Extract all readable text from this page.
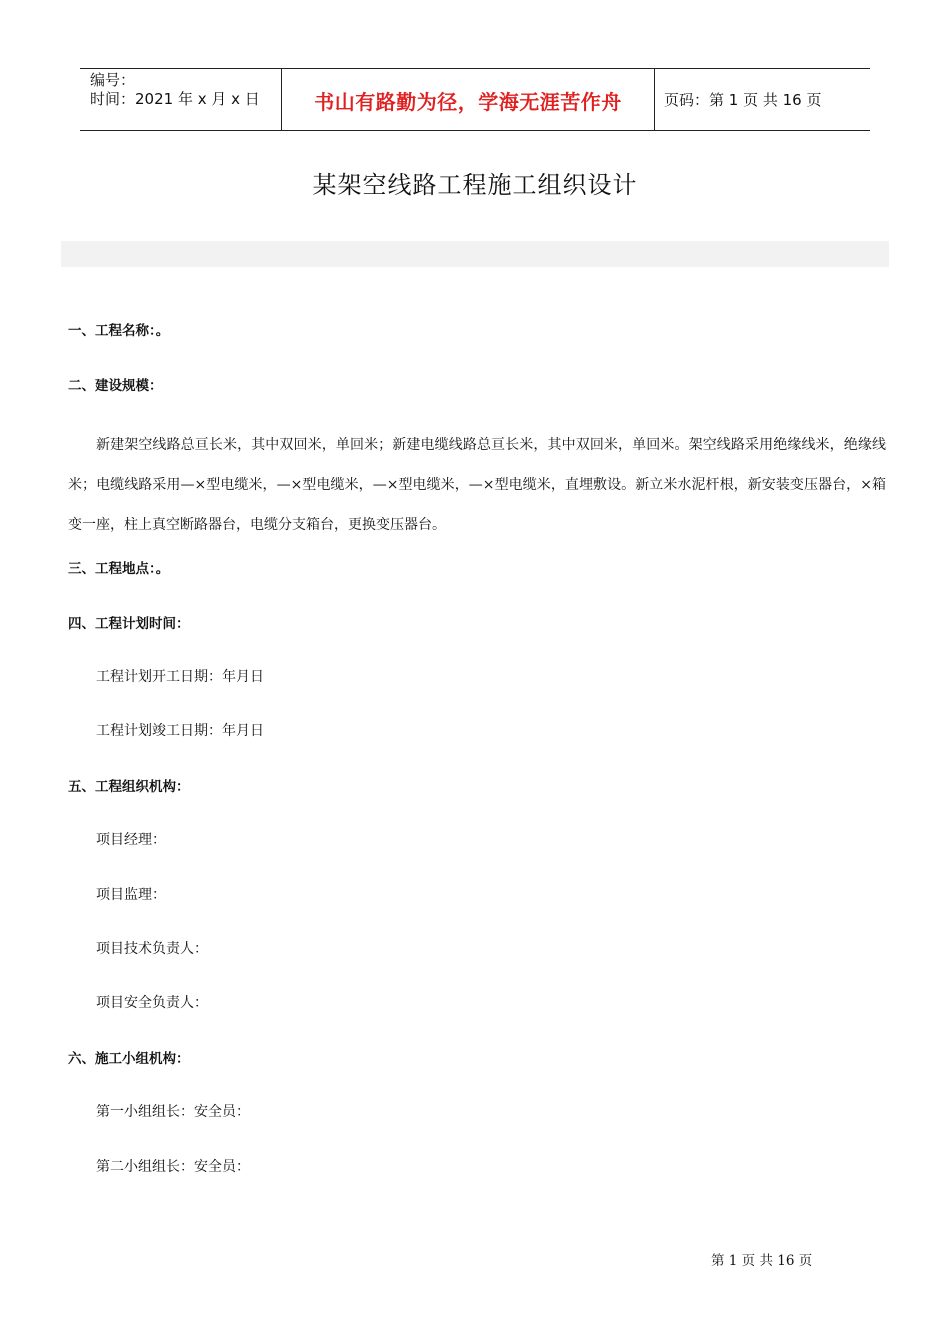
编号：
时间：2021 年 x 月 x 日	书山有路勤为径，学海无涯苦作舟	页码：第 1 页 共 16 页
某架空线路工程施工组织设计
一、工程名称：。
二、建设规模：
新建架空线路总亘长米，其中双回米，单回米；新建电缆线路总亘长米，其中双回米，单回米。架空线路采用绝缘线米，绝缘线米；电缆线路采用—×型电缆米，—×型电缆米，—×型电缆米，—×型电缆米，直埋敷设。新立米水泥杆根，新安装变压器台，×箱变一座，柱上真空断路器台，电缆分支箱台，更换变压器台。
三、工程地点：。
四、工程计划时间：
工程计划开工日期：年月日
工程计划竣工日期：年月日
五、工程组织机构：
项目经理：
项目监理：
项目技术负责人：
项目安全负责人：
六、施工小组机构：
第一小组组长：安全员：
第二小组组长：安全员：
第 1 页 共 16 页
